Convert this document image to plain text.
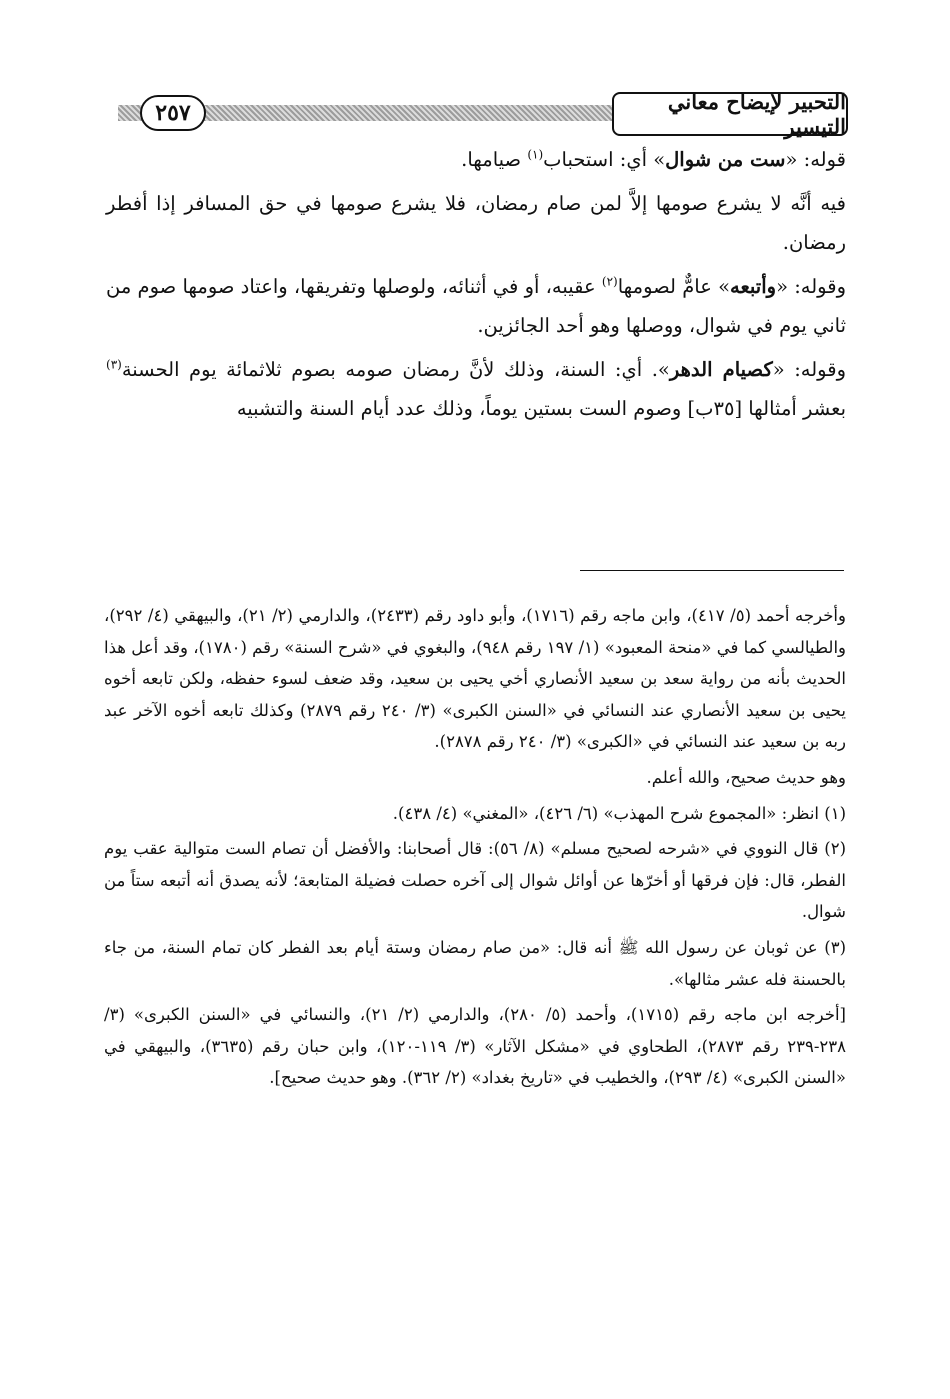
٢٥٧	التحبير لإيضاح معاني التيسير

قوله: «ست من شوال» أي: استحباب$^{(١)}$ صيامها.

فيه أنَّه لا يشرع صومها إلاَّ لمن صام رمضان، فلا يشرع صومها في حق المسافر إذا أفطر رمضان.

وقوله: «وأتبعه» عامٌّ لصومها$^{(٢)}$ عقيبه، أو في أثنائه، ولوصلها وتفريقها، واعتاد صومها صوم من ثاني يوم في شوال، ووصلها وهو أحد الجائزين.

وقوله: «كصيام الدهر». أي: السنة، وذلك لأنَّ رمضان صومه بصوم ثلاثمائة يوم الحسنة$^{(٣)}$ بعشر أمثالها [٣٥ب] وصوم الست بستين يوماً، وذلك عدد أيام السنة والتشبيه

وأخرجه أحمد (٥/ ٤١٧)، وابن ماجه رقم (١٧١٦)، وأبو داود رقم (٢٤٣٣)، والدارمي (٢/ ٢١)، والبيهقي (٤/ ٢٩٢)، والطيالسي كما في «منحة المعبود» (١/ ١٩٧ رقم ٩٤٨)، والبغوي في «شرح السنة» رقم (١٧٨٠)، وقد أعل هذا الحديث بأنه من رواية سعد بن سعيد الأنصاري أخي يحيى بن سعيد، وقد ضعف لسوء حفظه، ولكن تابعه أخوه يحيى بن سعيد الأنصاري عند النسائي في «السنن الكبرى» (٣/ ٢٤٠ رقم ٢٨٧٩) وكذلك تابعه أخوه الآخر عبد ربه بن سعيد عند النسائي في «الكبرى» (٣/ ٢٤٠ رقم ٢٨٧٨).

وهو حديث صحيح، والله أعلم.

(١) انظر: «المجموع شرح المهذب» (٦/ ٤٢٦)، «المغني» (٤/ ٤٣٨).

(٢) قال النووي في «شرحه لصحيح مسلم» (٨/ ٥٦): قال أصحابنا: والأفضل أن تصام الست متوالية عقب يوم الفطر، قال: فإن فرقها أو أخرّها عن أوائل شوال إلى آخره حصلت فضيلة المتابعة؛ لأنه يصدق أنه أتبعه ستاً من شوال.

(٣) عن ثوبان عن رسول الله ﷺ أنه قال: «من صام رمضان وستة أيام بعد الفطر كان تمام السنة، من جاء بالحسنة فله عشر مثالها».

[أخرجه ابن ماجه رقم (١٧١٥)، وأحمد (٥/ ٢٨٠)، والدارمي (٢/ ٢١)، والنسائي في «السنن الكبرى» (٣/ ٢٣٨-٢٣٩ رقم ٢٨٧٣)، الطحاوي في «مشكل الآثار» (٣/ ١١٩-١٢٠)، وابن حبان رقم (٣٦٣٥)، والبيهقي في «السنن الكبرى» (٤/ ٢٩٣)، والخطيب في «تاريخ بغداد» (٢/ ٣٦٢). وهو حديث صحيح].
